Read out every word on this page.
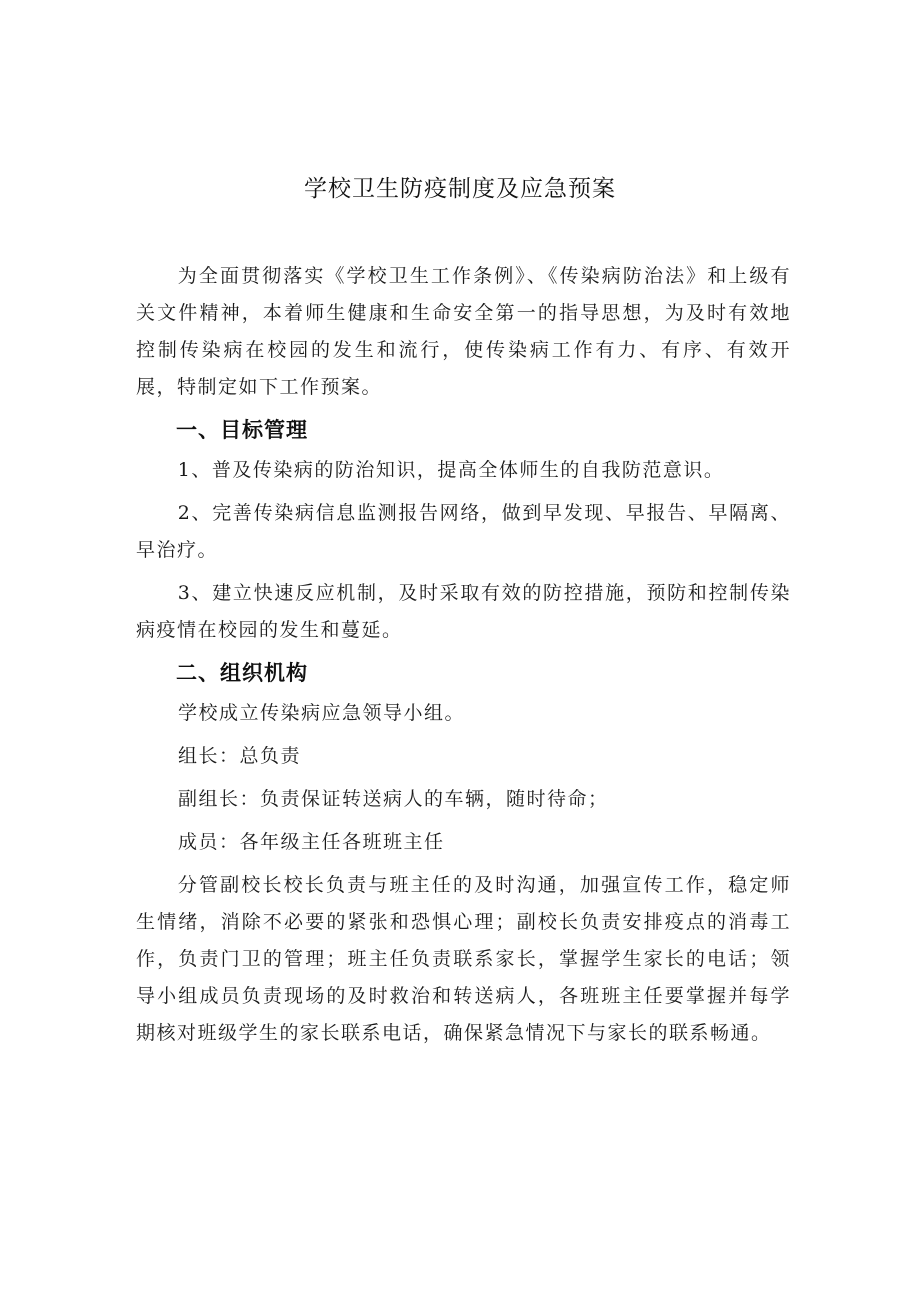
学校卫生防疫制度及应急预案

为全面贯彻落实《学校卫生工作条例》、《传染病防治法》和上级有关文件精神，本着师生健康和生命安全第一的指导思想，为及时有效地控制传染病在校园的发生和流行，使传染病工作有力、有序、有效开展，特制定如下工作预案。

一、目标管理

1、普及传染病的防治知识，提高全体师生的自我防范意识。

2、完善传染病信息监测报告网络，做到早发现、早报告、早隔离、早治疗。

3、建立快速反应机制，及时采取有效的防控措施，预防和控制传染病疫情在校园的发生和蔓延。

二、组织机构

学校成立传染病应急领导小组。

组长：总负责

副组长：负责保证转送病人的车辆，随时待命；

成员：各年级主任各班班主任

分管副校长校长负责与班主任的及时沟通，加强宣传工作，稳定师生情绪，消除不必要的紧张和恐惧心理；副校长负责安排疫点的消毒工作，负责门卫的管理；班主任负责联系家长，掌握学生家长的电话；领导小组成员负责现场的及时救治和转送病人，各班班主任要掌握并每学期核对班级学生的家长联系电话，确保紧急情况下与家长的联系畅通。
